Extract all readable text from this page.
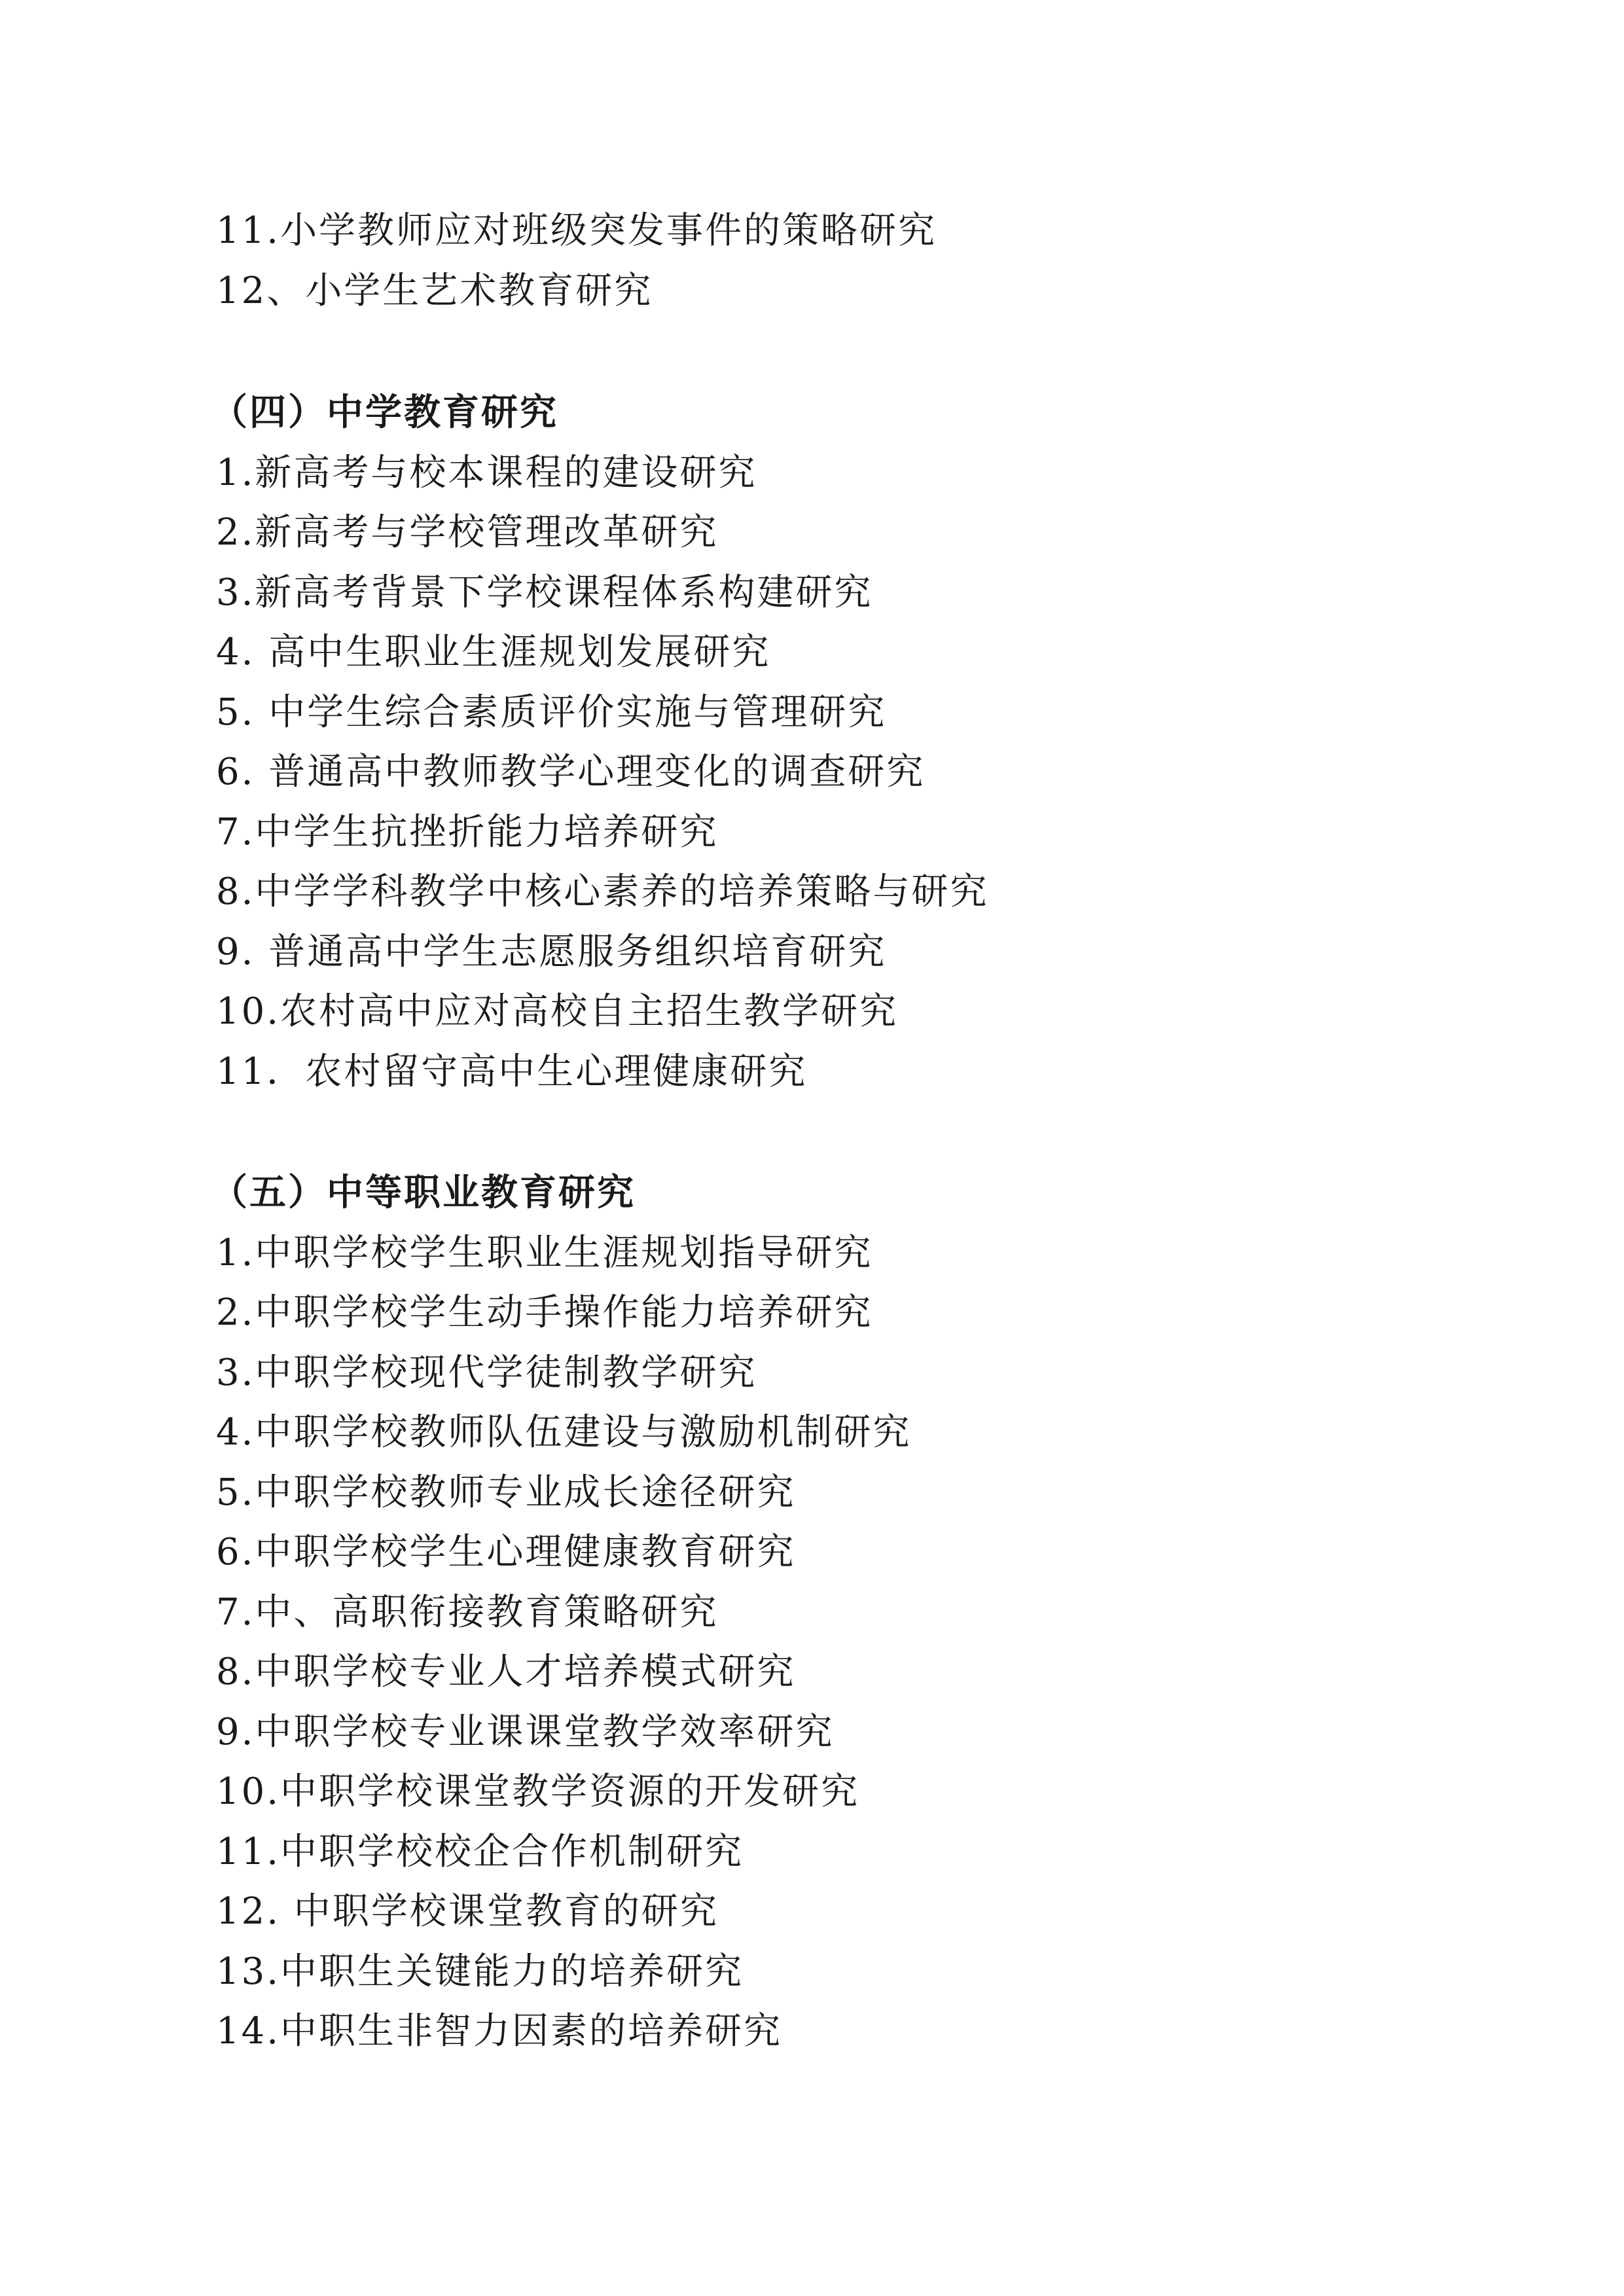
11.小学教师应对班级突发事件的策略研究
12、小学生艺术教育研究
（四）中学教育研究
1.新高考与校本课程的建设研究
2.新高考与学校管理改革研究
3.新高考背景下学校课程体系构建研究
4. 高中生职业生涯规划发展研究
5. 中学生综合素质评价实施与管理研究
6. 普通高中教师教学心理变化的调查研究
7.中学生抗挫折能力培养研究
8.中学学科教学中核心素养的培养策略与研究
9. 普通高中学生志愿服务组织培育研究
10.农村高中应对高校自主招生教学研究
11．农村留守高中生心理健康研究
（五）中等职业教育研究
1.中职学校学生职业生涯规划指导研究
2.中职学校学生动手操作能力培养研究
3.中职学校现代学徒制教学研究
4.中职学校教师队伍建设与激励机制研究
5.中职学校教师专业成长途径研究
6.中职学校学生心理健康教育研究
7.中、高职衔接教育策略研究
8.中职学校专业人才培养模式研究
9.中职学校专业课课堂教学效率研究
10.中职学校课堂教学资源的开发研究
11.中职学校校企合作机制研究
12. 中职学校课堂教育的研究
13.中职生关键能力的培养研究
14.中职生非智力因素的培养研究
